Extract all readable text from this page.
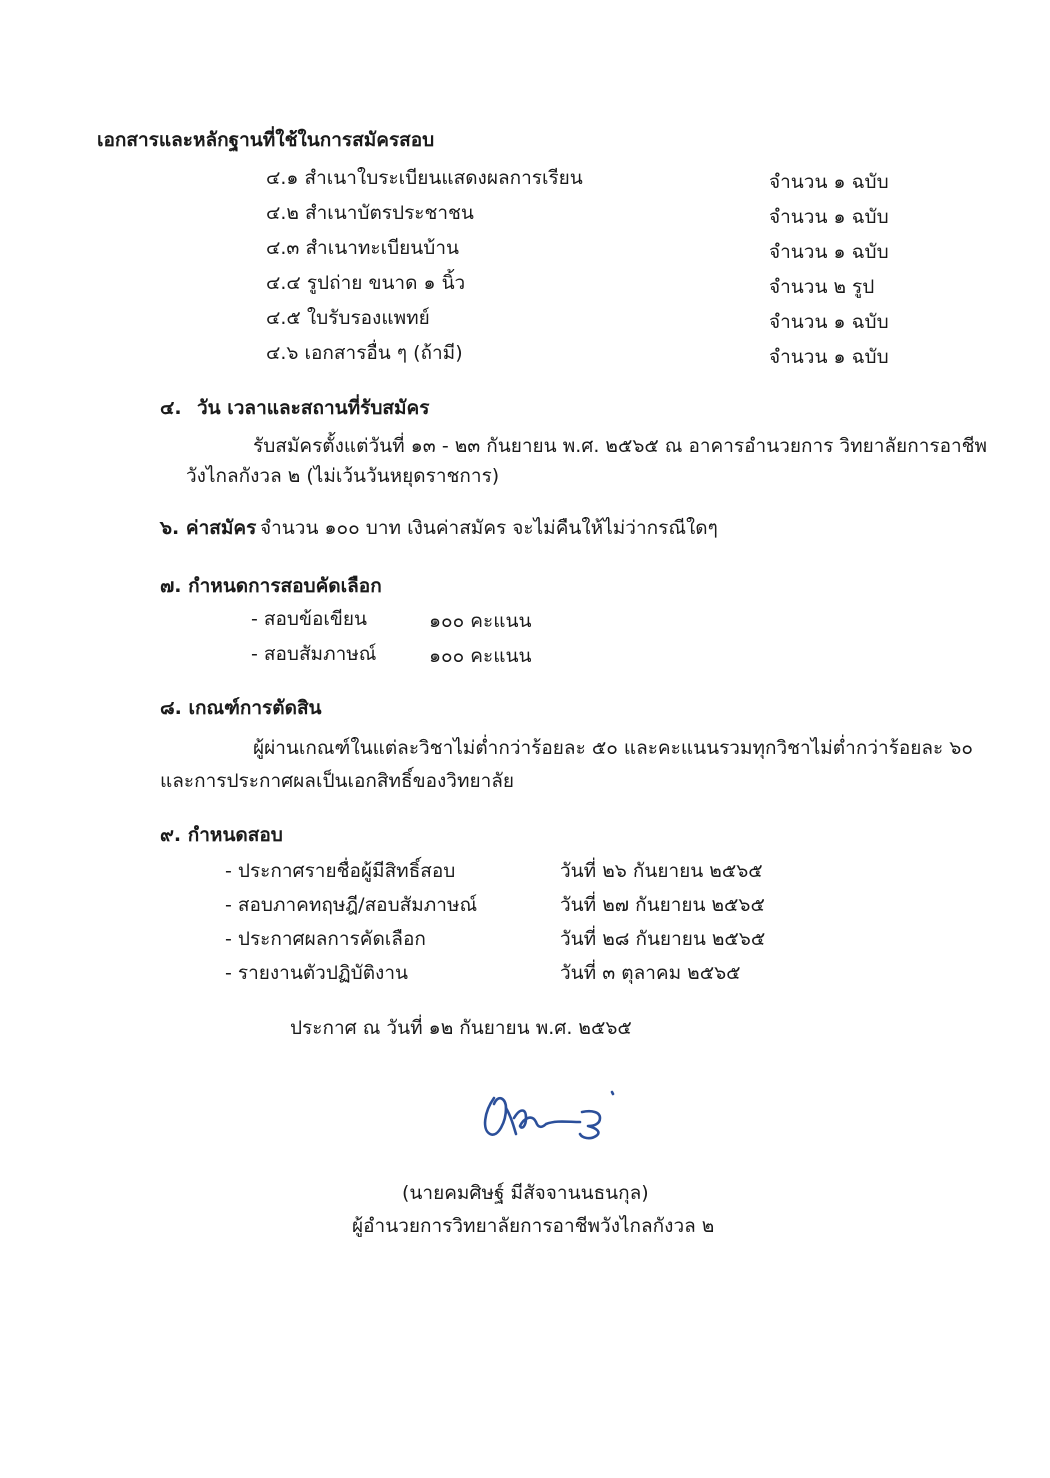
เอกสารและหลักฐานที่ใช้ในการสมัครสอบ
๔.๑ สำเนาใบระเบียนแสดงผลการเรียน	จำนวน ๑ ฉบับ
๔.๒ สำเนาบัตรประชาชน	จำนวน ๑ ฉบับ
๔.๓ สำเนาทะเบียนบ้าน	จำนวน ๑ ฉบับ
๔.๔ รูปถ่าย ขนาด ๑ นิ้ว	จำนวน ๒ รูป
๔.๕ ใบรับรองแพทย์	จำนวน ๑ ฉบับ
๔.๖ เอกสารอื่น ๆ (ถ้ามี)	จำนวน ๑ ฉบับ
๔. วัน เวลาและสถานที่รับสมัคร
รับสมัครตั้งแต่วันที่ ๑๓ - ๒๓ กันยายน พ.ศ. ๒๕๖๕ ณ อาคารอำนวยการ วิทยาลัยการอาชีพ
วังไกลกังวล ๒ (ไม่เว้นวันหยุดราชการ)
๖. ค่าสมัคร จำนวน ๑๐๐ บาท เงินค่าสมัคร จะไม่คืนให้ไม่ว่ากรณีใดๆ
๗. กำหนดการสอบคัดเลือก
- สอบข้อเขียน	๑๐๐ คะแนน
- สอบสัมภาษณ์	๑๐๐ คะแนน
๘. เกณฑ์การตัดสิน
ผู้ผ่านเกณฑ์ในแต่ละวิชาไม่ต่ำกว่าร้อยละ ๕๐ และคะแนนรวมทุกวิชาไม่ต่ำกว่าร้อยละ ๖๐
และการประกาศผลเป็นเอกสิทธิ์ของวิทยาลัย
๙. กำหนดสอบ
- ประกาศรายชื่อผู้มีสิทธิ์สอบ	วันที่ ๒๖ กันยายน ๒๕๖๕
- สอบภาคทฤษฎี/สอบสัมภาษณ์	วันที่ ๒๗ กันยายน ๒๕๖๕
- ประกาศผลการคัดเลือก	วันที่ ๒๘ กันยายน ๒๕๖๕
- รายงานตัวปฏิบัติงาน	วันที่ ๓ ตุลาคม ๒๕๖๕
ประกาศ ณ วันที่ ๑๒ กันยายน พ.ศ. ๒๕๖๕
(นายคมศิษฐ์ มีสัจจานนธนกุล)
ผู้อำนวยการวิทยาลัยการอาชีพวังไกลกังวล ๒
